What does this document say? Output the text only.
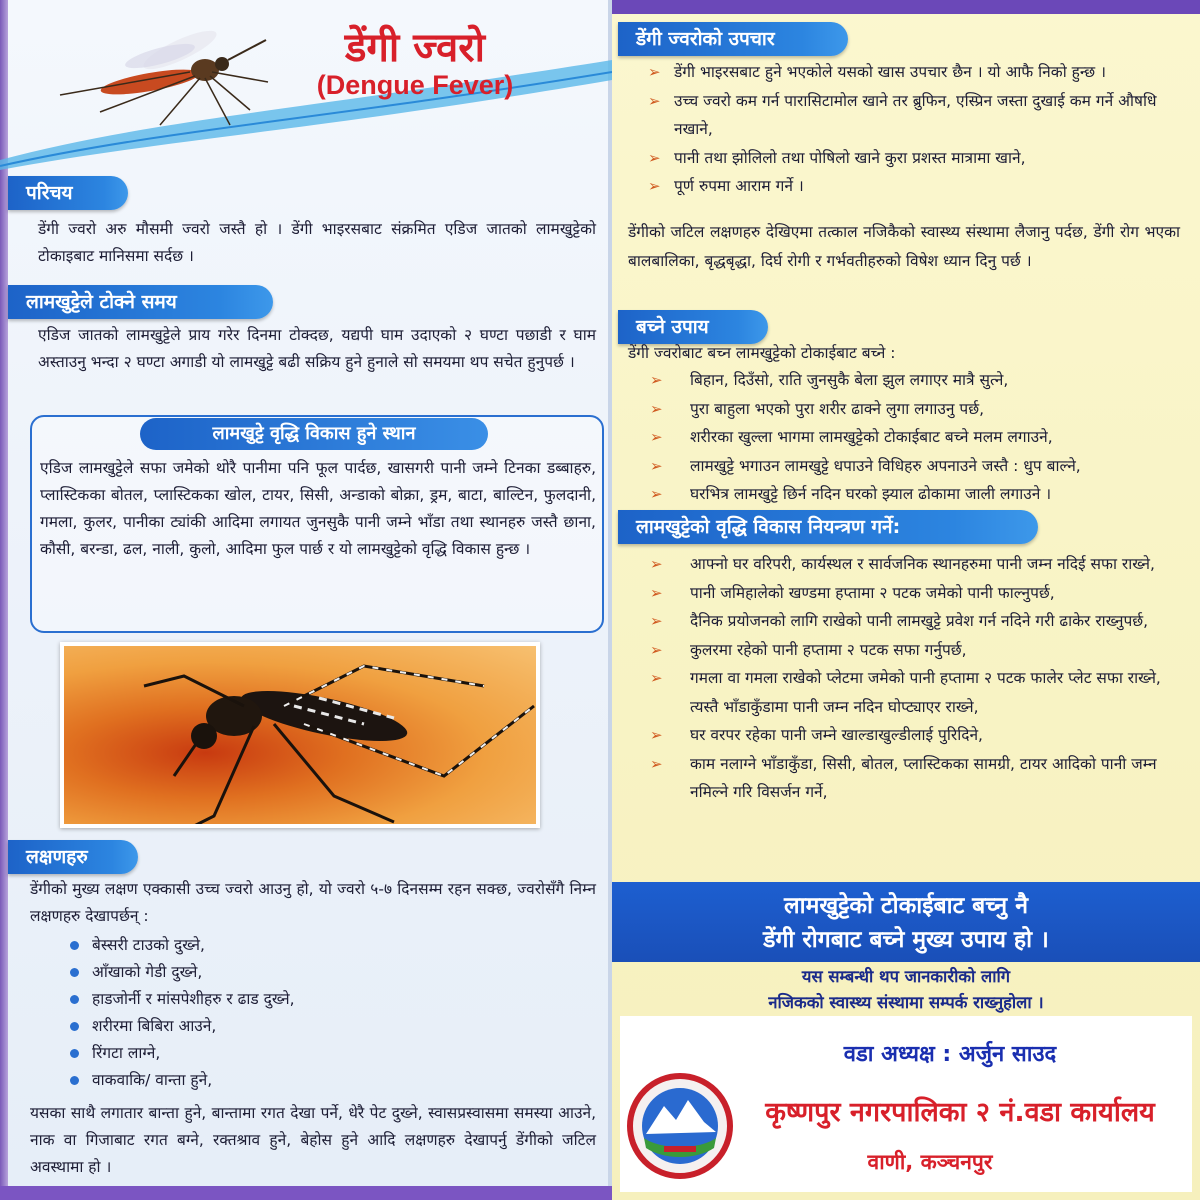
डेंगी ज्वरो
(Dengue Fever)
परिचय
डेंगी ज्वरो अरु मौसमी ज्वरो जस्तै हो । डेंगी भाइरसबाट संक्रमित एडिज जातको लामखुट्टेको टोकाइबाट मानिसमा सर्दछ ।
लामखुट्टेले टोक्ने समय
एडिज जातको लामखुट्टेले प्राय गरेर दिनमा टोक्दछ, यद्यपी घाम उदाएको २ घण्टा पछाडी र घाम अस्ताउनु भन्दा २ घण्टा अगाडी यो लामखुट्टे बढी सक्रिय हुने हुनाले सो समयमा थप सचेत हुनुपर्छ ।
लामखुट्टे वृद्धि विकास हुने स्थान
एडिज लामखुट्टेले सफा जमेको थोरै पानीमा पनि फूल पार्दछ, खासगरी पानी जम्ने टिनका डब्बाहरु, प्लास्टिकका बोतल, प्लास्टिकका खोल, टायर, सिसी, अन्डाको बोक्रा, ड्रम, बाटा, बाल्टिन, फुलदानी, गमला, कुलर, पानीका ट्यांकी आदिमा लगायत जुनसुकै पानी जम्ने भाँडा तथा स्थानहरु जस्तै छाना, कौसी, बरन्डा, ढल, नाली, कुलो, आदिमा फुल पार्छ र यो लामखुट्टेको वृद्धि विकास हुन्छ ।
लक्षणहरु
डेंगीको मुख्य लक्षण एक्कासी उच्च ज्वरो आउनु हो, यो ज्वरो ५-७ दिनसम्म रहन सक्छ, ज्वरोसँगै निम्न लक्षणहरु देखापर्छन् :
बेस्सरी टाउको दुख्ने,
आँखाको गेडी दुख्ने,
हाडजोर्नी र मांसपेशीहरु र ढाड दुख्ने,
शरीरमा बिबिरा आउने,
रिंगटा लाग्ने,
वाकवाकि/ वान्ता हुने,
यसका साथै लगातार बान्ता हुने, बान्तामा रगत देखा पर्ने, धेरै पेट दुख्ने, स्वासप्रस्वासमा समस्या आउने, नाक वा गिजाबाट रगत बग्ने, रक्तश्राव हुने, बेहोस हुने आदि लक्षणहरु देखापर्नु डेंगीको जटिल अवस्थामा हो ।
डेंगी ज्वरोको उपचार
➢ डेंगी भाइरसबाट हुने भएकोले यसको खास उपचार छैन । यो आफै निको हुन्छ ।
➢ उच्च ज्वरो कम गर्न पारासिटामोल खाने तर ब्रुफिन, एस्प्रिन जस्ता दुखाई कम गर्ने औषधि नखाने,
➢ पानी तथा झोलिलो तथा पोषिलो खाने कुरा प्रशस्त मात्रामा खाने,
➢ पूर्ण रुपमा आराम गर्ने ।
डेंगीको जटिल लक्षणहरु देखिएमा तत्काल नजिकैको स्वास्थ्य संस्थामा लैजानु पर्दछ, डेंगी रोग भएका बालबालिका, बृद्धबृद्धा, दिर्घ रोगी र गर्भवतीहरुको विषेश ध्यान दिनु पर्छ ।
बच्ने उपाय
डेंगी ज्वरोबाट बच्न लामखुट्टेको टोकाईबाट बच्ने :
➢ बिहान, दिउँसो, राति जुनसुकै बेला झुल लगाएर मात्रै सुत्ने,
➢ पुरा बाहुला भएको पुरा शरीर ढाक्ने लुगा लगाउनु पर्छ,
➢ शरीरका खुल्ला भागमा लामखुट्टेको टोकाईबाट बच्ने मलम लगाउने,
➢ लामखुट्टे भगाउन लामखुट्टे धपाउने विधिहरु अपनाउने जस्तै : धुप बाल्ने,
➢ घरभित्र लामखुट्टे छिर्न नदिन घरको झ्याल ढोकामा जाली लगाउने ।
लामखुट्टेको वृद्धि विकास नियन्त्रण गर्ने:
➢ आफ्नो घर वरिपरी, कार्यस्थल र सार्वजनिक स्थानहरुमा पानी जम्न नदिई सफा राख्ने,
➢ पानी जमिहालेको खण्डमा हप्तामा २ पटक जमेको पानी फाल्नुपर्छ,
➢ दैनिक प्रयोजनको लागि राखेको पानी लामखुट्टे प्रवेश गर्न नदिने गरी ढाकेर राख्नुपर्छ,
➢ कुलरमा रहेको पानी हप्तामा २ पटक सफा गर्नुपर्छ,
➢ गमला वा गमला राखेको प्लेटमा जमेको पानी हप्तामा २ पटक फालेर प्लेट सफा राख्ने, त्यस्तै भाँडाकुँडामा पानी जम्न नदिन घोप्ट्याएर राख्ने,
➢ घर वरपर रहेका पानी जम्ने खाल्डाखुल्डीलाई पुरिदिने,
➢ काम नलाग्ने भाँडाकुँडा, सिसी, बोतल, प्लास्टिकका सामग्री, टायर आदिको पानी जम्न नमिल्ने गरि विसर्जन गर्ने,
लामखुट्टेको टोकाईबाट बच्नु नै
डेंगी रोगबाट बच्ने मुख्य उपाय हो ।
यस सम्बन्धी थप जानकारीको लागि
नजिकको स्वास्थ्य संस्थामा सम्पर्क राख्नुहोला ।
वडा अध्यक्ष : अर्जुन साउद
कृष्णपुर नगरपालिका २ नं.वडा कार्यालय
वाणी, कञ्चनपुर
